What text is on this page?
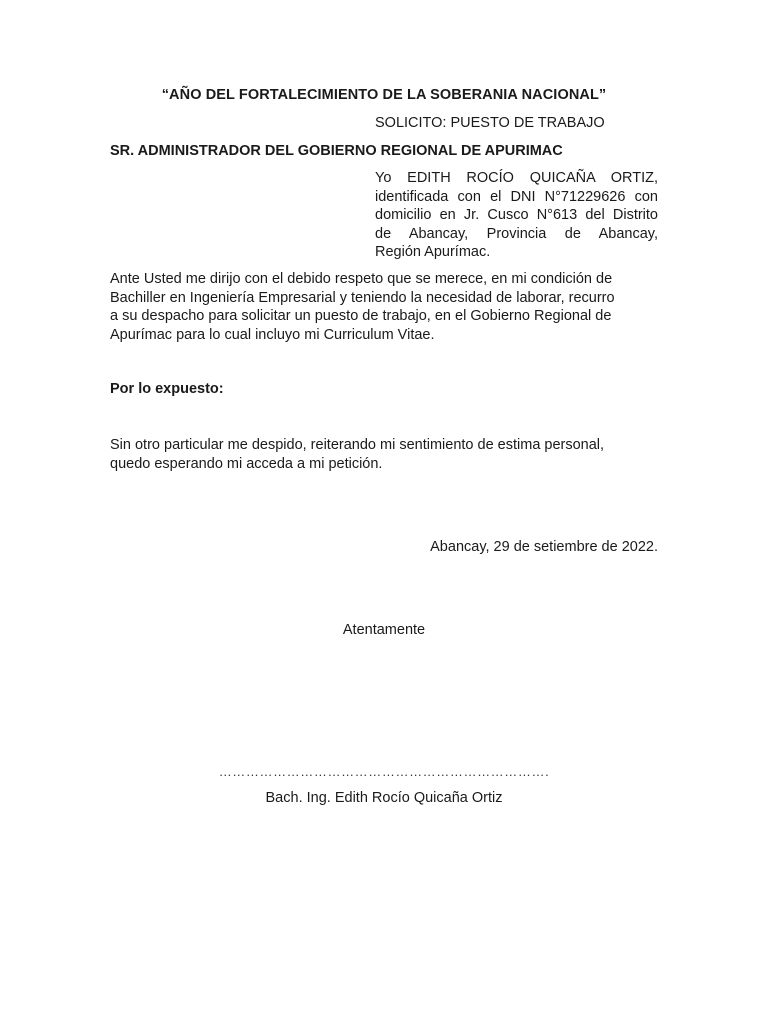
“AÑO DEL FORTALECIMIENTO DE LA SOBERANIA NACIONAL”
SOLICITO: PUESTO DE TRABAJO
SR. ADMINISTRADOR DEL GOBIERNO REGIONAL DE APURIMAC
Yo EDITH ROCÍO QUICAÑA ORTIZ,
identificada con el DNI N°71229626 con
domicilio en Jr. Cusco N°613 del Distrito
de Abancay, Provincia de Abancay,
Región Apurímac.
Ante Usted me dirijo con el debido respeto que se merece, en mi condición de
Bachiller en Ingeniería Empresarial y teniendo la necesidad de laborar, recurro
a su despacho para solicitar un puesto de trabajo, en el Gobierno Regional de
Apurímac para lo cual incluyo mi Curriculum Vitae.
Por lo expuesto:
Sin otro particular me despido, reiterando mi sentimiento de estima personal,
quedo esperando mi acceda a mi petición.
Abancay, 29 de setiembre de 2022.
Atentamente
……………………………………………………………….
Bach. Ing. Edith Rocío Quicaña Ortiz
